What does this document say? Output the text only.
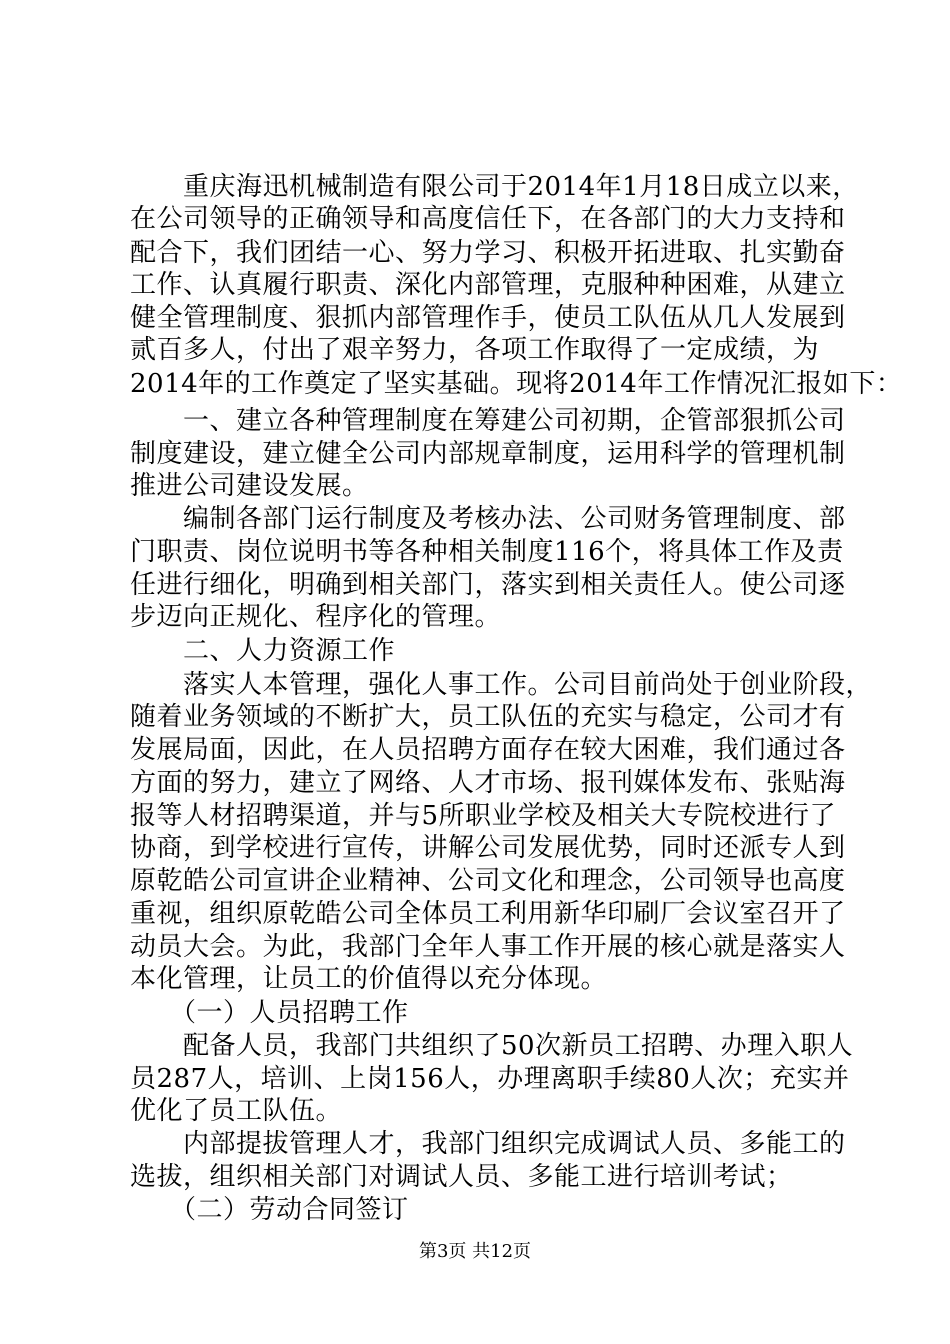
　　重庆海迅机械制造有限公司于2014年1月18日成立以来，
在公司领导的正确领导和高度信任下，在各部门的大力支持和
配合下，我们团结一心、努力学习、积极开拓进取、扎实勤奋
工作、认真履行职责、深化内部管理，克服种种困难，从建立
健全管理制度、狠抓内部管理作手，使员工队伍从几人发展到
贰百多人，付出了艰辛努力，各项工作取得了一定成绩，为
2014年的工作奠定了坚实基础。现将2014年工作情况汇报如下：
　　一、建立各种管理制度在筹建公司初期，企管部狠抓公司
制度建设，建立健全公司内部规章制度，运用科学的管理机制
推进公司建设发展。
　　编制各部门运行制度及考核办法、公司财务管理制度、部
门职责、岗位说明书等各种相关制度116个，将具体工作及责
任进行细化，明确到相关部门，落实到相关责任人。使公司逐
步迈向正规化、程序化的管理。
　　二、人力资源工作
　　落实人本管理，强化人事工作。公司目前尚处于创业阶段，
随着业务领域的不断扩大，员工队伍的充实与稳定，公司才有
发展局面，因此，在人员招聘方面存在较大困难，我们通过各
方面的努力，建立了网络、人才市场、报刊媒体发布、张贴海
报等人材招聘渠道，并与5所职业学校及相关大专院校进行了
协商，到学校进行宣传，讲解公司发展优势，同时还派专人到
原乾皓公司宣讲企业精神、公司文化和理念，公司领导也高度
重视，组织原乾皓公司全体员工利用新华印刷厂会议室召开了
动员大会。为此，我部门全年人事工作开展的核心就是落实人
本化管理，让员工的价值得以充分体现。
　　（一）人员招聘工作
　　配备人员，我部门共组织了50次新员工招聘、办理入职人
员287人，培训、上岗156人，办理离职手续80人次；充实并
优化了员工队伍。
　　内部提拔管理人才，我部门组织完成调试人员、多能工的
选拔，组织相关部门对调试人员、多能工进行培训考试；
　　（二）劳动合同签订
第3页 共12页
